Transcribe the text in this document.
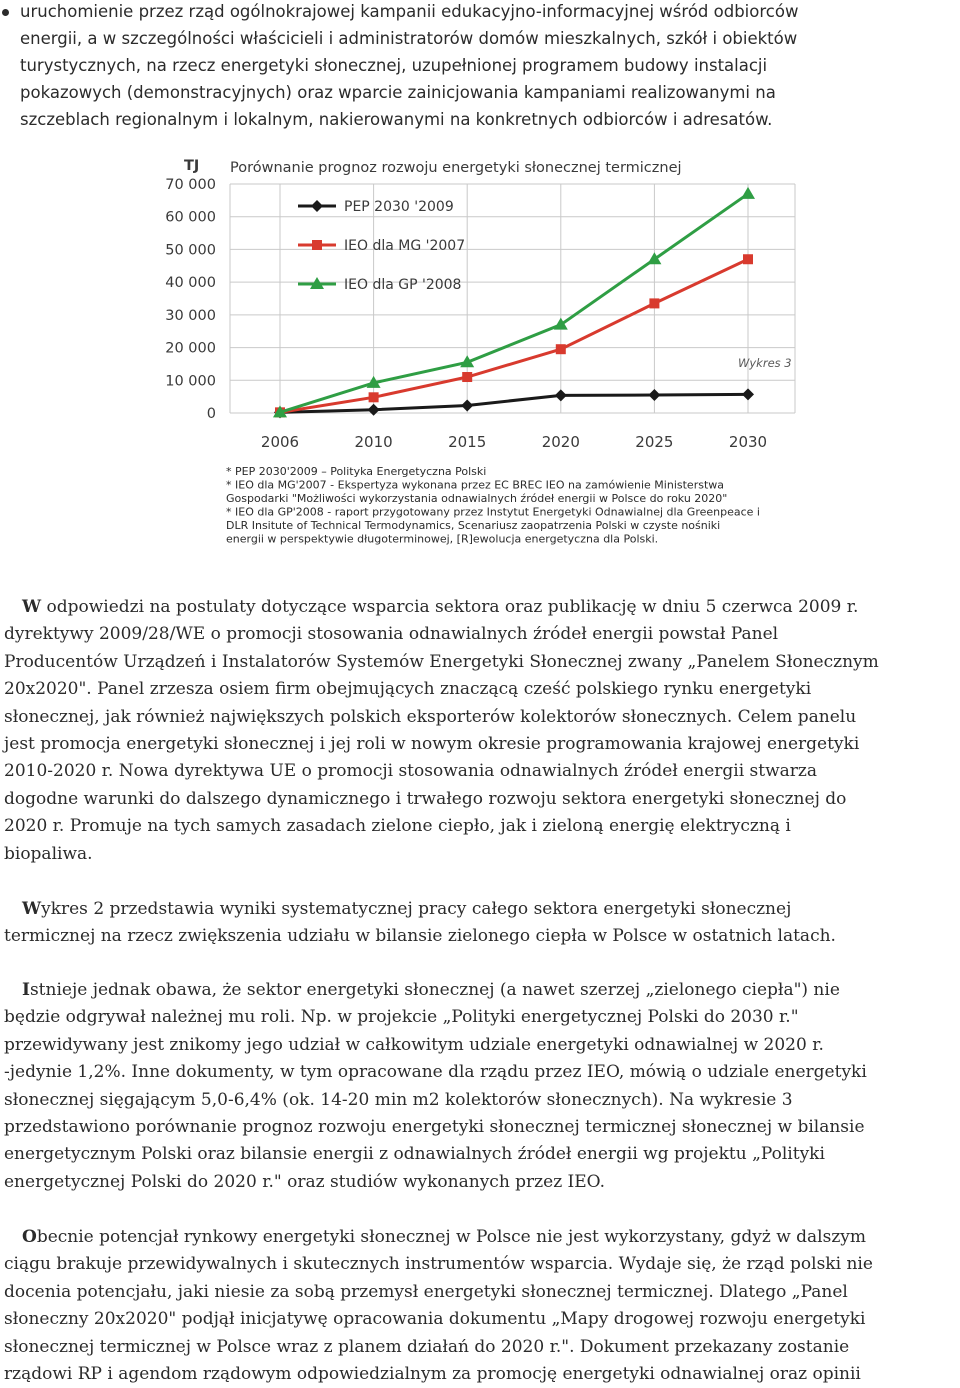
uruchomienie przez rząd ogólnokrajowej kampanii edukacyjno-informacyjnej wśród odbiorców
energii, a w szczególności właścicieli i administratorów domów mieszkalnych, szkół i obiektów
turystycznych, na rzecz energetyki słonecznej, uzupełnionej programem budowy instalacji
pokazowych (demonstracyjnych) oraz wparcie zainicjowania kampaniami realizowanymi na
szczeblach regionalnym i lokalnym, nakierowanymi na konkretnych odbiorców i adresatów.
TJ Porównanie prognoz rozwoju energetyki słonecznej termicznej
Wykres 3
0
10 000
20 000
30 000
40 000
50 000
60 000
70 000
2006	2010	2015	2020	2025	2030
PEP 2030 '2009
IEO dla MG '2007
IEO dla GP '2008
* PEP 2030'2009 – Polityka Energetyczna Polski
* IEO dla MG'2007 - Ekspertyza wykonana przez EC BREC IEO na zamówienie Ministerstwa
Gospodarki "Możliwości wykorzystania odnawialnych źródeł energii w Polsce do roku 2020"
* IEO dla GP'2008 - raport przygotowany przez Instytut Energetyki Odnawialnej dla Greenpeace i
DLR Insitute of Technical Termodynamics, Scenariusz zaopatrzenia Polski w czyste nośniki
energii w perspektywie długoterminowej, [R]ewolucja energetyczna dla Polski.
W odpowiedzi na postulaty dotyczące wsparcia sektora oraz publikację w dniu 5 czerwca 2009 r.
dyrektywy 2009/28/WE o promocji stosowania odnawialnych źródeł energii powstał Panel
Producentów Urządzeń i Instalatorów Systemów Energetyki Słonecznej zwany „Panelem Słonecznym
20x2020". Panel zrzesza osiem firm obejmujących znaczącą cześć polskiego rynku energetyki
słonecznej, jak również największych polskich eksporterów kolektorów słonecznych. Celem panelu
jest promocja energetyki słonecznej i jej roli w nowym okresie programowania krajowej energetyki
2010-2020 r. Nowa dyrektywa UE o promocji stosowania odnawialnych źródeł energii stwarza
dogodne warunki do dalszego dynamicznego i trwałego rozwoju sektora energetyki słonecznej do
2020 r. Promuje na tych samych zasadach zielone ciepło, jak i zieloną energię elektryczną i
biopaliwa.
Wykres 2 przedstawia wyniki systematycznej pracy całego sektora energetyki słonecznej
termicznej na rzecz zwiększenia udziału w bilansie zielonego ciepła w Polsce w ostatnich latach.
Istnieje jednak obawa, że sektor energetyki słonecznej (a nawet szerzej „zielonego ciepła") nie
będzie odgrywał należnej mu roli. Np. w projekcie „Polityki energetycznej Polski do 2030 r."
przewidywany jest znikomy jego udział w całkowitym udziale energetyki odnawialnej w 2020 r.
-jedynie 1,2%. Inne dokumenty, w tym opracowane dla rządu przez IEO, mówią o udziale energetyki
słonecznej sięgającym 5,0-6,4% (ok. 14-20 min m2 kolektorów słonecznych). Na wykresie 3
przedstawiono porównanie prognoz rozwoju energetyki słonecznej termicznej słonecznej w bilansie
energetycznym Polski oraz bilansie energii z odnawialnych źródeł energii wg projektu „Polityki
energetycznej Polski do 2020 r." oraz studiów wykonanych przez IEO.
Obecnie potencjał rynkowy energetyki słonecznej w Polsce nie jest wykorzystany, gdyż w dalszym
ciągu brakuje przewidywalnych i skutecznych instrumentów wsparcia. Wydaje się, że rząd polski nie
docenia potencjału, jaki niesie za sobą przemysł energetyki słonecznej termicznej. Dlatego „Panel
słoneczny 20x2020" podjął inicjatywę opracowania dokumentu „Mapy drogowej rozwoju energetyki
słonecznej termicznej w Polsce wraz z planem działań do 2020 r.". Dokument przekazany zostanie
rządowi RP i agendom rządowym odpowiedzialnym za promocję energetyki odnawialnej oraz opinii
